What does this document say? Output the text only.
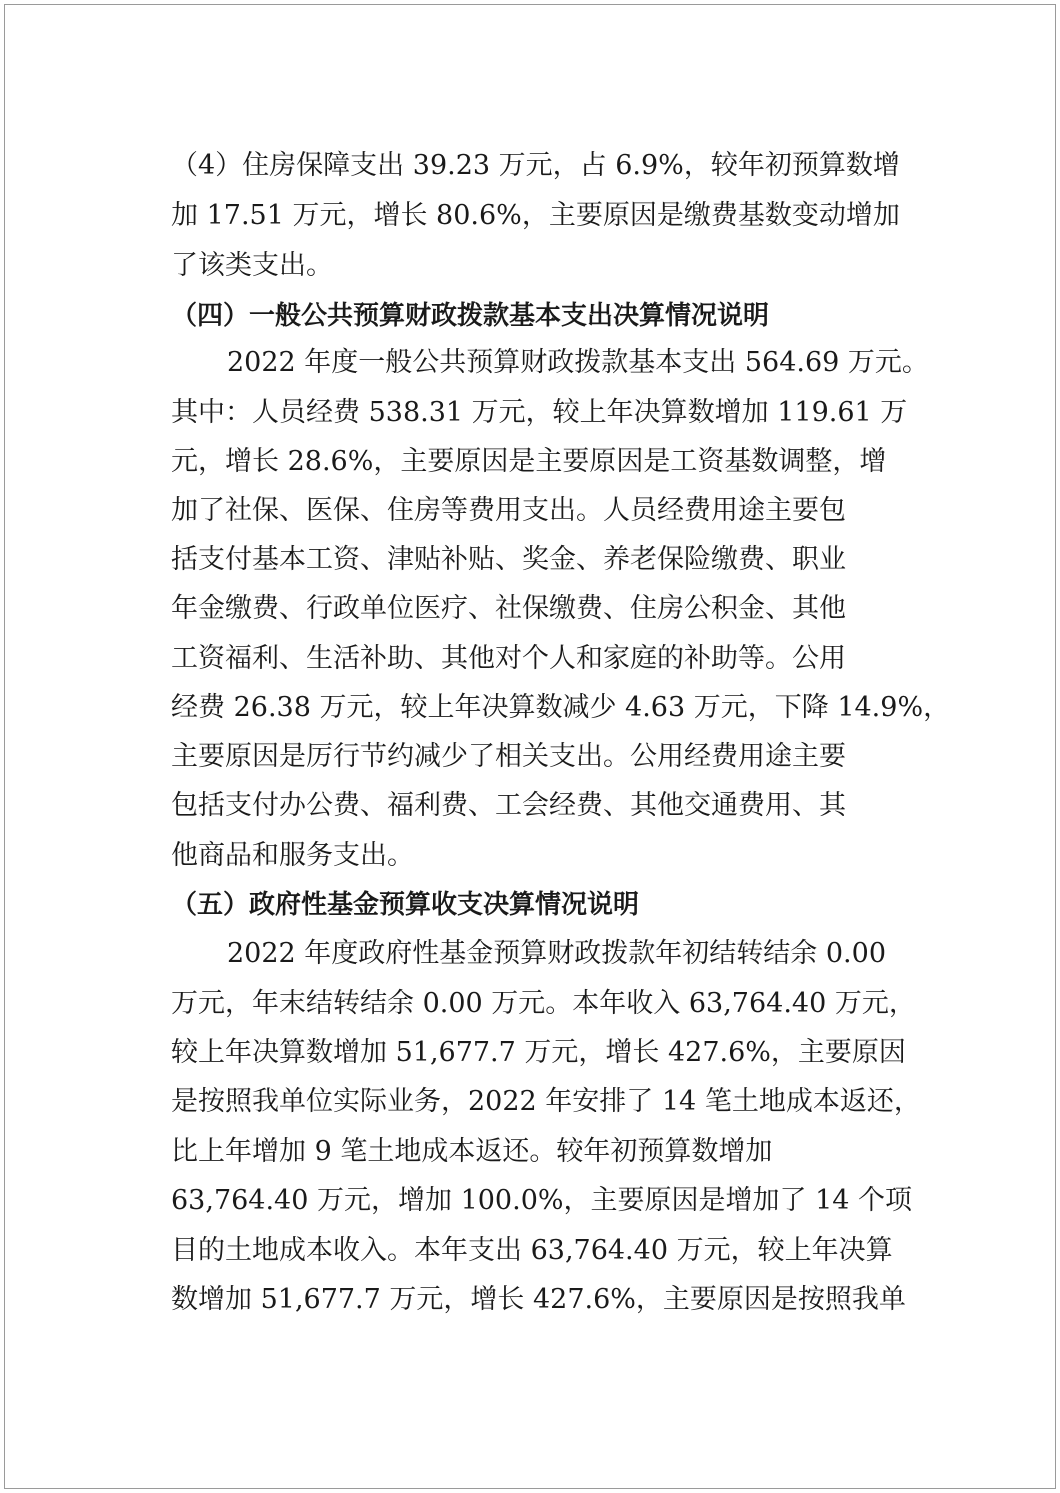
（4）住房保障支出 39.23 万元，占 6.9%，较年初预算数增
加 17.51 万元，增长 80.6%，主要原因是缴费基数变动增加
了该类支出。
（四）一般公共预算财政拨款基本支出决算情况说明
2022 年度一般公共预算财政拨款基本支出 564.69 万元。
其中：人员经费 538.31 万元，较上年决算数增加 119.61 万
元，增长 28.6%，主要原因是主要原因是工资基数调整，增
加了社保、医保、住房等费用支出。人员经费用途主要包
括支付基本工资、津贴补贴、奖金、养老保险缴费、职业
年金缴费、行政单位医疗、社保缴费、住房公积金、其他
工资福利、生活补助、其他对个人和家庭的补助等。公用
经费 26.38 万元，较上年决算数减少 4.63 万元，下降 14.9%，
主要原因是厉行节约减少了相关支出。公用经费用途主要
包括支付办公费、福利费、工会经费、其他交通费用、其
他商品和服务支出。
（五）政府性基金预算收支决算情况说明
2022 年度政府性基金预算财政拨款年初结转结余 0.00
万元，年末结转结余 0.00 万元。本年收入 63,764.40 万元，
较上年决算数增加 51,677.7 万元，增长 427.6%，主要原因
是按照我单位实际业务，2022 年安排了 14 笔土地成本返还，
比上年增加 9 笔土地成本返还。较年初预算数增加
63,764.40 万元，增加 100.0%，主要原因是增加了 14 个项
目的土地成本收入。本年支出 63,764.40 万元，较上年决算
数增加 51,677.7 万元，增长 427.6%，主要原因是按照我单
